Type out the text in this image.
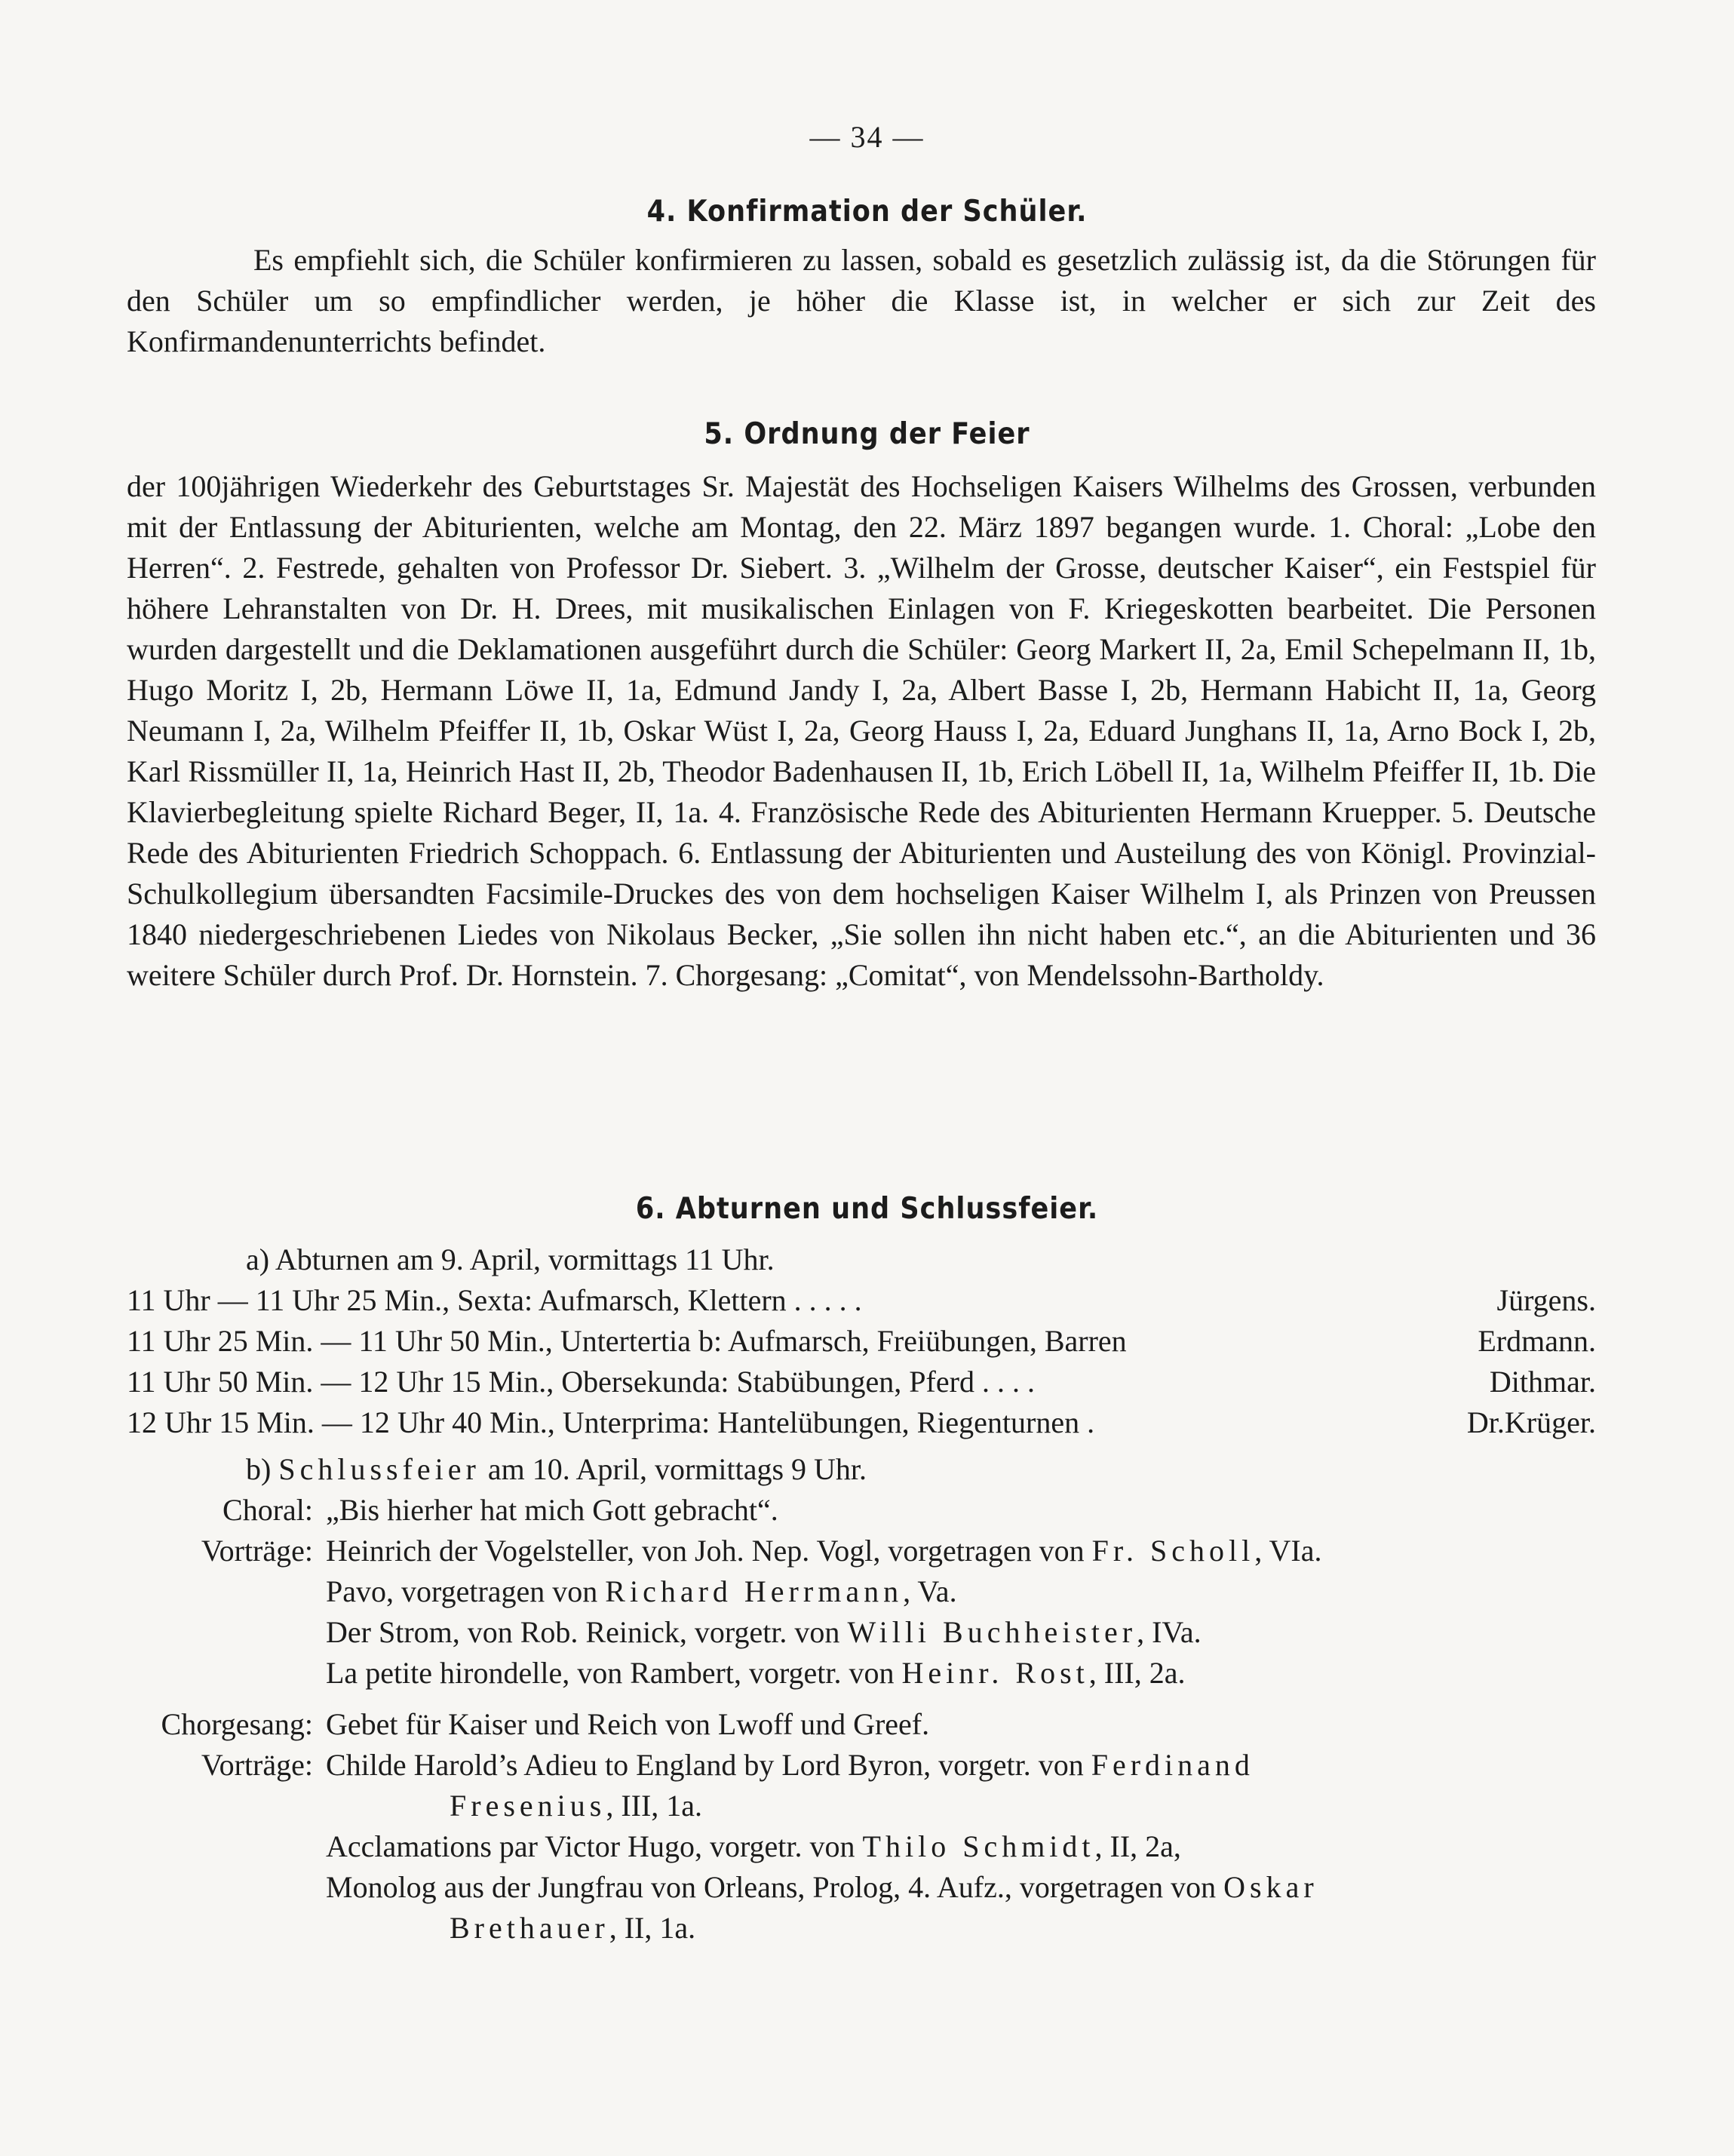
— 34 —
4. Konfirmation der Schüler.

Es empfiehlt sich, die Schüler konfirmieren zu lassen, sobald es gesetzlich zulässig ist, da die Störungen für den Schüler um so empfindlicher werden, je höher die Klasse ist, in welcher er sich zur Zeit des Konfirmandenunterrichts befindet.

5. Ordnung der Feier

der 100jährigen Wiederkehr des Geburtstages Sr. Majestät des Hochseligen Kaisers Wilhelms des Grossen, verbunden mit der Entlassung der Abiturienten, welche am Montag, den 22. März 1897 begangen wurde. 1. Choral: „Lobe den Herren“. 2. Festrede, gehalten von Professor Dr. Siebert. 3. „Wilhelm der Grosse, deutscher Kaiser“, ein Festspiel für höhere Lehranstalten von Dr. H. Drees, mit musikalischen Einlagen von F. Kriegeskotten bearbeitet. Die Personen wurden dargestellt und die Deklamationen ausgeführt durch die Schüler: Georg Markert II, 2a, Emil Schepelmann II, 1b, Hugo Moritz I, 2b, Hermann Löwe II, 1a, Edmund Jandy I, 2a, Albert Basse I, 2b, Hermann Habicht II, 1a, Georg Neumann I, 2a, Wilhelm Pfeiffer II, 1b, Oskar Wüst I, 2a, Georg Hauss I, 2a, Eduard Junghans II, 1a, Arno Bock I, 2b, Karl Rissmüller II, 1a, Heinrich Hast II, 2b, Theodor Badenhausen II, 1b, Erich Löbell II, 1a, Wilhelm Pfeiffer II, 1b. Die Klavierbegleitung spielte Richard Beger, II, 1a. 4. Französische Rede des Abiturienten Hermann Kruepper. 5. Deutsche Rede des Abiturienten Friedrich Schoppach. 6. Entlassung der Abiturienten und Austeilung des von Königl. Provinzial-Schulkollegium übersandten Facsimile-Druckes des von dem hochseligen Kaiser Wilhelm I, als Prinzen von Preussen 1840 niedergeschriebenen Liedes von Nikolaus Becker, „Sie sollen ihn nicht haben etc.“, an die Abiturienten und 36 weitere Schüler durch Prof. Dr. Hornstein. 7. Chorgesang: „Comitat“, von Mendelssohn-Bartholdy.

6. Abturnen und Schlussfeier.
a) Abturnen am 9. April, vormittags 11 Uhr.
11 Uhr — 11 Uhr 25 Min., Sexta: Aufmarsch, Klettern . . . . .	Jürgens.
11 Uhr 25 Min. — 11 Uhr 50 Min., Untertertia b: Aufmarsch, Freiübungen, Barren	Erdmann.
11 Uhr 50 Min. — 12 Uhr 15 Min., Obersekunda: Stabübungen, Pferd . . . .	Dithmar.
12 Uhr 15 Min. — 12 Uhr 40 Min., Unterprima: Hantelübungen, Riegenturnen .	Dr.Krüger.
b) Schlussfeier am 10. April, vormittags 9 Uhr.
Choral: „Bis hierher hat mich Gott gebracht“.
Vorträge: Heinrich der Vogelsteller, von Joh. Nep. Vogl, vorgetragen von Fr. Scholl, VIa.
Pavo, vorgetragen von Richard Herrmann, Va.
Der Strom, von Rob. Reinick, vorgetr. von Willi Buchheister, IVa.
La petite hirondelle, von Rambert, vorgetr. von Heinr. Rost, III, 2a.
Chorgesang: Gebet für Kaiser und Reich von Lwoff und Greef.
Vorträge: Childe Harold’s Adieu to England by Lord Byron, vorgetr. von Ferdinand
Fresenius, III, 1a.
Acclamations par Victor Hugo, vorgetr. von Thilo Schmidt, II, 2a,
Monolog aus der Jungfrau von Orleans, Prolog, 4. Aufz., vorgetragen von Oskar
Brethauer, II, 1a.
